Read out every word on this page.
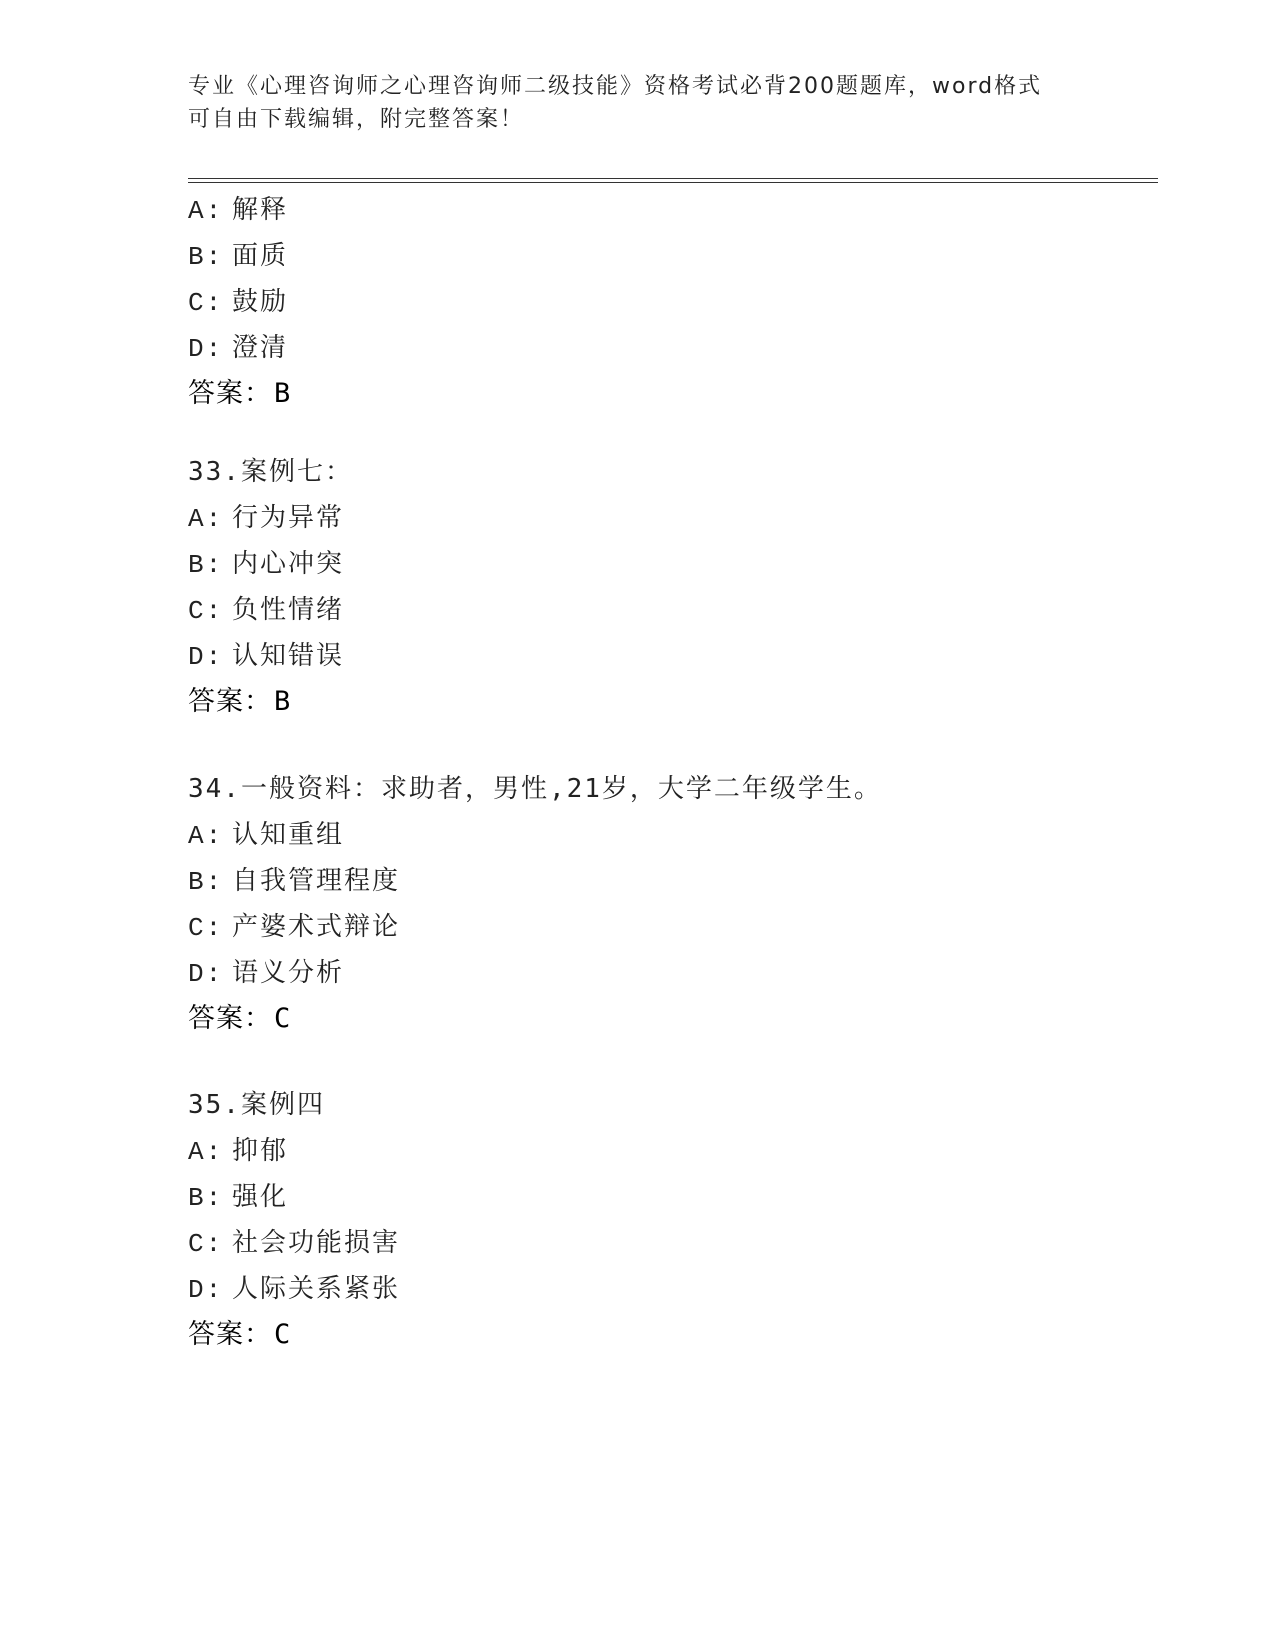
专业《心理咨询师之心理咨询师二级技能》资格考试必背200题题库，word格式
可自由下载编辑，附完整答案！
A: 解释
B: 面质
C: 鼓励
D: 澄清
答案：B
33.案例七：
A: 行为异常
B: 内心冲突
C: 负性情绪
D: 认知错误
答案：B
34.一般资料：求助者，男性,21岁，大学二年级学生。
A: 认知重组
B: 自我管理程度
C: 产婆术式辩论
D: 语义分析
答案：C
35.案例四
A: 抑郁
B: 强化
C: 社会功能损害
D: 人际关系紧张
答案：C
